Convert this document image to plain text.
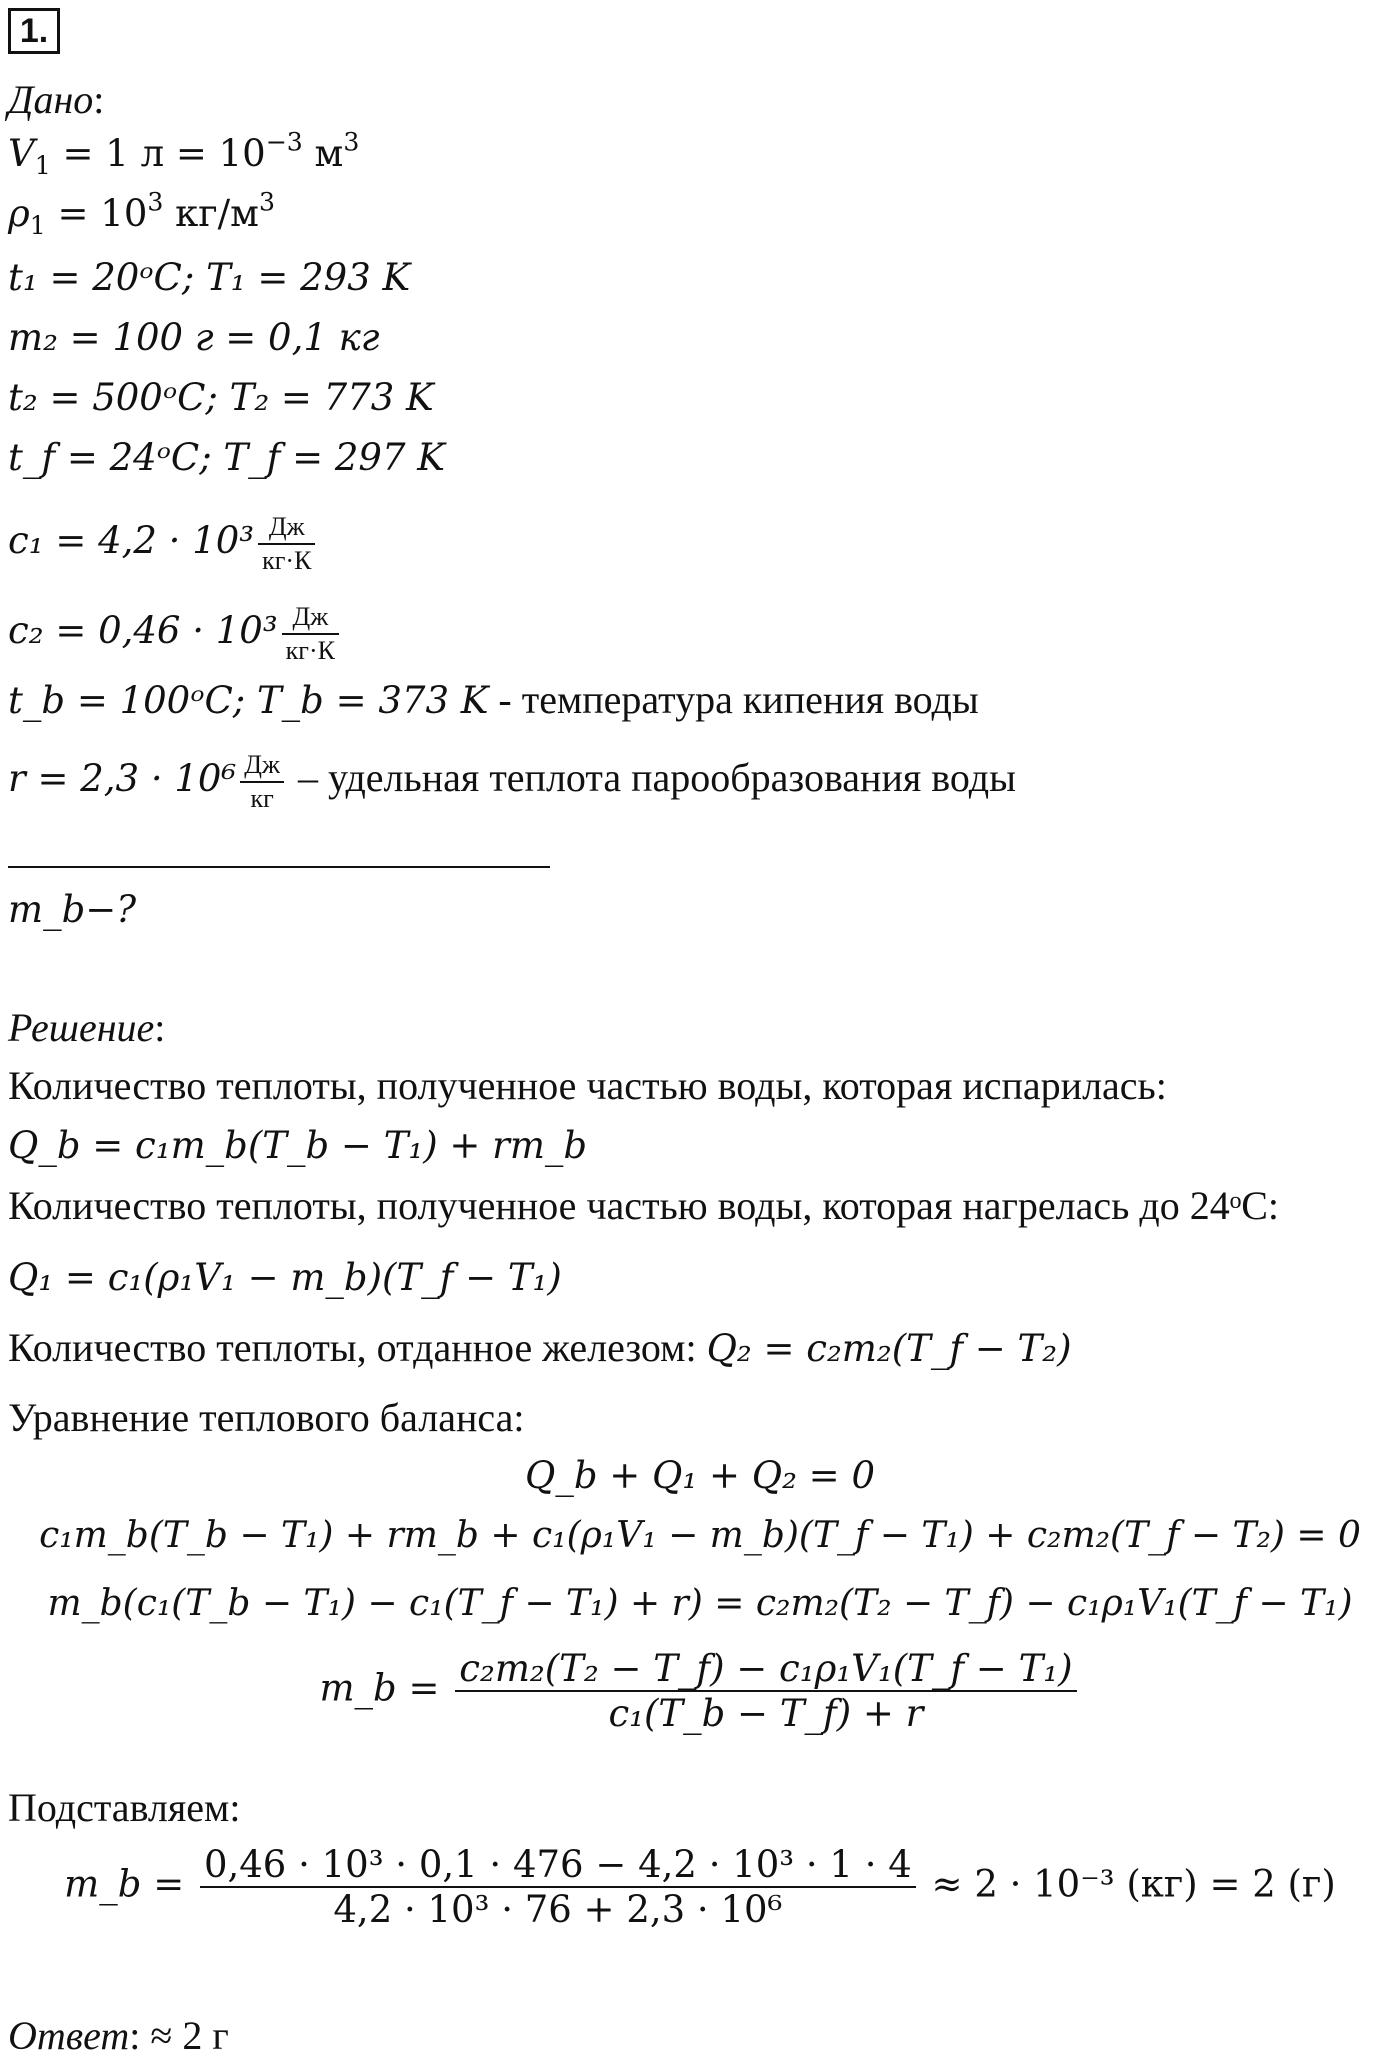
1.
Дано:
$V_1 = 1$ $л = 10^{-3}$ $м^3$
$\rho_1 = 10^3$ $кг/м^3$
t₁ = 20ᵒC; T₁ = 293 K
m₂ = 100 г = 0,1 кг
t₂ = 500ᵒC; T₂ = 773 K
t_f = 24ᵒC; T_f = 297 K
$c_1 = 4,2 \cdot 10^3 \frac{Дж}{кг\cdot К}$
$c_2 = 0,46 \cdot 10^3 \frac{Дж}{кг\cdot К}$
t_b = 100ᵒC; T_b = 373 K - температура кипения воды
$r = 2,3 \cdot 10^6 \frac{Дж}{кг}$ – удельная теплота парообразования воды
m_b−?
Решение:
Количество теплоты, полученное частью воды, которая испарилась:
Q_b = c₁m_b(T_b − T₁) + rm_b
Количество теплоты, полученное частью воды, которая нагрелась до 24ᵒC:
Q₁ = c₁(ρ₁V₁ − m_b)(T_f − T₁)
Количество теплоты, отданное железом: Q₂ = c₂m₂(T_f − T₂)
Уравнение теплового баланса:
Q_b + Q₁ + Q₂ = 0
c₁m_b(T_b − T₁) + rm_b + c₁(ρ₁V₁ − m_b)(T_f − T₁) + c₂m₂(T_f − T₂) = 0
m_b(c₁(T_b − T₁) − c₁(T_f − T₁) + r) = c₂m₂(T₂ − T_f) − c₁ρ₁V₁(T_f − T₁)
m_b = $\frac{\text{c₂m₂(T₂ − T\_f) − c₁ρ₁V₁(T\_f − T₁)}}{\text{c₁(T\_b − T\_f) + r}}$
Подставляем:
m_b = $\frac{\text{0,46 · 10³ · 0,1 · 476 − 4,2 · 10³ · 1 · 4}}{\text{4,2 · 10³ · 76 + 2,3 · 10⁶}} \approx 2 \cdot 10^{-3}$ (кг) = 2 (г)
Ответ: ≈ 2 г
